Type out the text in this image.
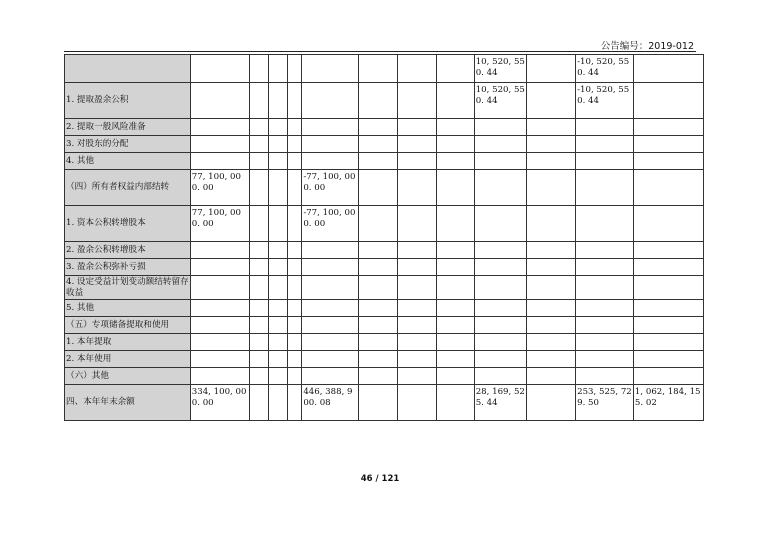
公告编号：2019-012
									10, 520, 550. 44		-10, 520, 550. 44	
1. 提取盈余公积									10, 520, 550. 44		-10, 520, 550. 44	
2. 提取一般风险准备												
3. 对股东的分配												
4. 其他												
（四）所有者权益内部结转	77, 100, 000. 00				-77, 100, 000. 00							
1. 资本公积转增股本	77, 100, 000. 00				-77, 100, 000. 00							
2. 盈余公积转增股本												
3. 盈余公积弥补亏损												
4. 设定受益计划变动额结转留存收益												
5. 其他												
（五）专项储备提取和使用												
1. 本年提取												
2. 本年使用												
（六）其他												
四、本年年末余额	334, 100, 000. 00				446, 388, 900. 08				28, 169, 525. 44		253, 525, 729. 50	1, 062, 184, 155. 02
46 / 121
